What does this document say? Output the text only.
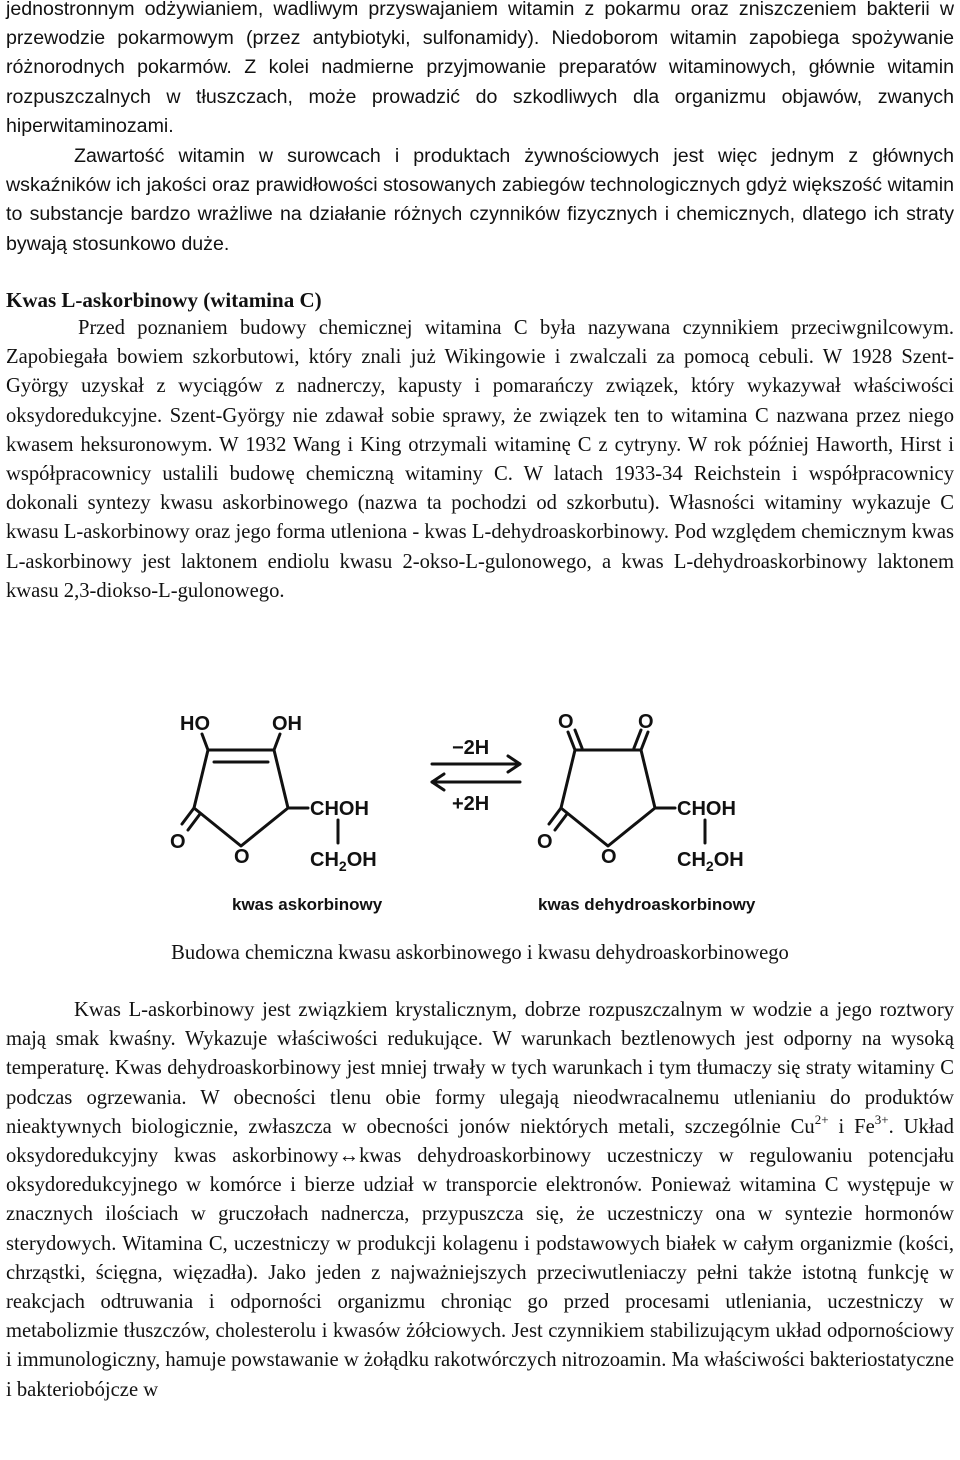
jednostronnym odżywianiem, wadliwym przyswajaniem witamin z pokarmu oraz zniszczeniem bakterii w przewodzie pokarmowym (przez antybiotyki, sulfonamidy). Niedoborom witamin zapobiega spożywanie różnorodnych pokarmów. Z kolei nadmierne przyjmowanie preparatów witaminowych, głównie witamin rozpuszczalnych w tłuszczach, może prowadzić do szkodliwych dla organizmu objawów, zwanych hiperwitaminozami.

Zawartość witamin w surowcach i produktach żywnościowych jest więc jednym z głównych wskaźników ich jakości oraz prawidłowości stosowanych zabiegów technologicznych gdyż większość witamin to substancje bardzo wrażliwe na działanie różnych czynników fizycznych i chemicznych, dlatego ich straty bywają stosunkowo duże.

Kwas L-askorbinowy (witamina C)

Przed poznaniem budowy chemicznej witamina C była nazywana czynnikiem przeciwgnilcowym. Zapobiegała bowiem szkorbutowi, który znali już Wikingowie i zwalczali za pomocą cebuli. W 1928 Szent-György uzyskał z wyciągów z nadnerczy, kapusty i pomarańczy związek, który wykazywał właściwości oksydoredukcyjne. Szent-György nie zdawał sobie sprawy, że związek ten to witamina C nazwana przez niego kwasem heksuronowym. W 1932 Wang i King otrzymali witaminę C z cytryny. W rok później Haworth, Hirst i współpracownicy ustalili budowę chemiczną witaminy C. W latach 1933-34 Reichstein i współpracownicy dokonali syntezy kwasu askorbinowego (nazwa ta pochodzi od szkorbutu). Własności witaminy wykazuje C kwasu L-askorbinowy oraz jego forma utleniona - kwas L-dehydroaskorbinowy. Pod względem chemicznym kwas L-askorbinowy jest laktonem endiolu kwasu 2-okso-L-gulonowego, a kwas L-dehydroaskorbinowy laktonem kwasu 2,3-diokso-L-gulonowego.

HO	OH
O
O
CHOH
$CH_2OH$
kwas askorbinowy
−2H
+2H
O	O
O
O
CHOH
$CH_2OH$
kwas dehydroaskorbinowy

Budowa chemiczna kwasu askorbinowego i kwasu dehydroaskorbinowego

Kwas L-askorbinowy jest związkiem krystalicznym, dobrze rozpuszczalnym w wodzie a jego roztwory mają smak kwaśny. Wykazuje właściwości redukujące. W warunkach beztlenowych jest odporny na wysoką temperaturę. Kwas dehydroaskorbinowy jest mniej trwały w tych warunkach i tym tłumaczy się straty witaminy C podczas ogrzewania. W obecności tlenu obie formy ulegają nieodwracalnemu utlenianiu do produktów nieaktywnych biologicznie, zwłaszcza w obecności jonów niektórych metali, szczególnie $Cu^{2+}$ i $Fe^{3+}$. Układ oksydoredukcyjny kwas askorbinowy↔kwas dehydroaskorbinowy uczestniczy w regulowaniu potencjału oksydoredukcyjnego w komórce i bierze udział w transporcie elektronów. Ponieważ witamina C występuje w znacznych ilościach w gruczołach nadnercza, przypuszcza się, że uczestniczy ona w syntezie hormonów sterydowych. Witamina C, uczestniczy w produkcji kolagenu i podstawowych białek w całym organizmie (kości, chrząstki, ścięgna, więzadła). Jako jeden z najważniejszych przeciwutleniaczy pełni także istotną funkcję w reakcjach odtruwania i odporności organizmu chroniąc go przed procesami utleniania, uczestniczy w metabolizmie tłuszczów, cholesterolu i kwasów żółciowych. Jest czynnikiem stabilizującym układ odpornościowy i immunologiczny, hamuje powstawanie w żołądku rakotwórczych nitrozoamin. Ma właściwości bakteriostatyczne i bakteriobójcze w
